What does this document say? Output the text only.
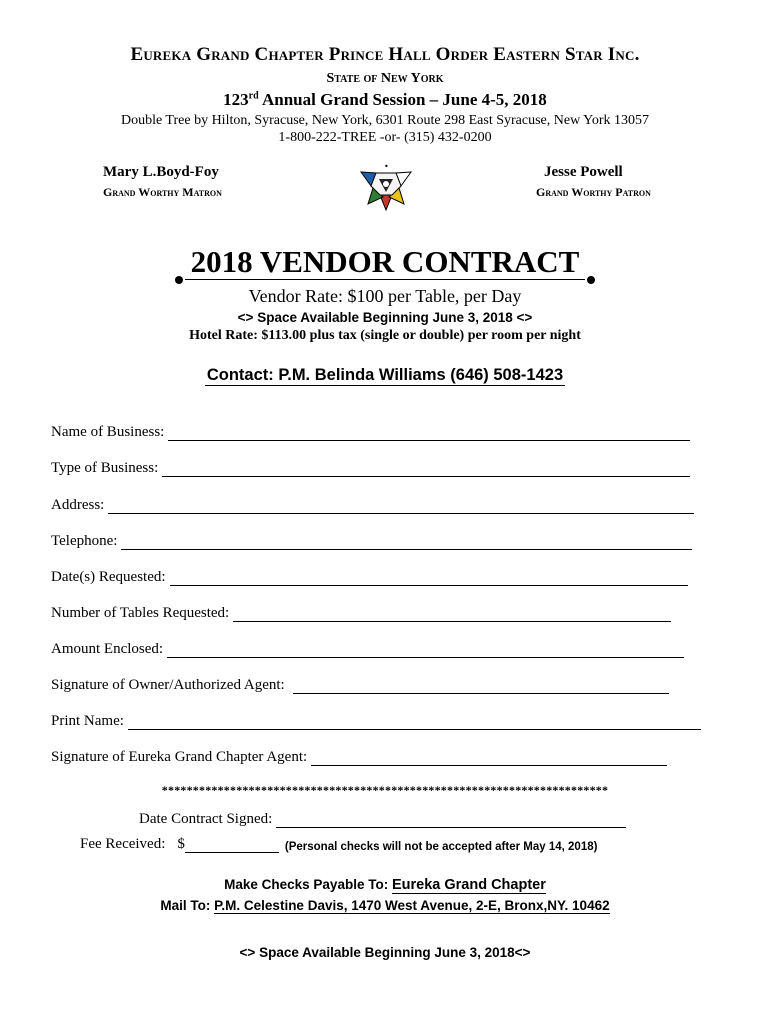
Eureka Grand Chapter Prince Hall Order Eastern Star Inc.
State of New York
123rd Annual Grand Session – June 4-5, 2018
Double Tree by Hilton, Syracuse, New York, 6301 Route 298 East Syracuse, New York 13057
1-800-222-TREE -or- (315) 432-0200
Mary L.Boyd-Foy
Grand Worthy Matron
Jesse Powell
Grand Worthy Patron
•
2018 VENDOR CONTRACT
Vendor Rate: $100 per Table, per Day
<> Space Available Beginning June 3, 2018 <>
Hotel Rate: $113.00 plus tax (single or double) per room per night
Contact: P.M. Belinda Williams (646) 508-1423
Name of Business:
Type of Business:
Address:
Telephone:
Date(s) Requested:
Number of Tables Requested:
Amount Enclosed:
Signature of Owner/Authorized Agent:
Print Name:
Signature of Eureka Grand Chapter Agent:
************************************************************************
Date Contract Signed:
Fee Received: $	(Personal checks will not be accepted after May 14, 2018)
Make Checks Payable To: Eureka Grand Chapter
Mail To: P.M. Celestine Davis, 1470 West Avenue, 2-E, Bronx,NY. 10462
<> Space Available Beginning June 3, 2018<>
